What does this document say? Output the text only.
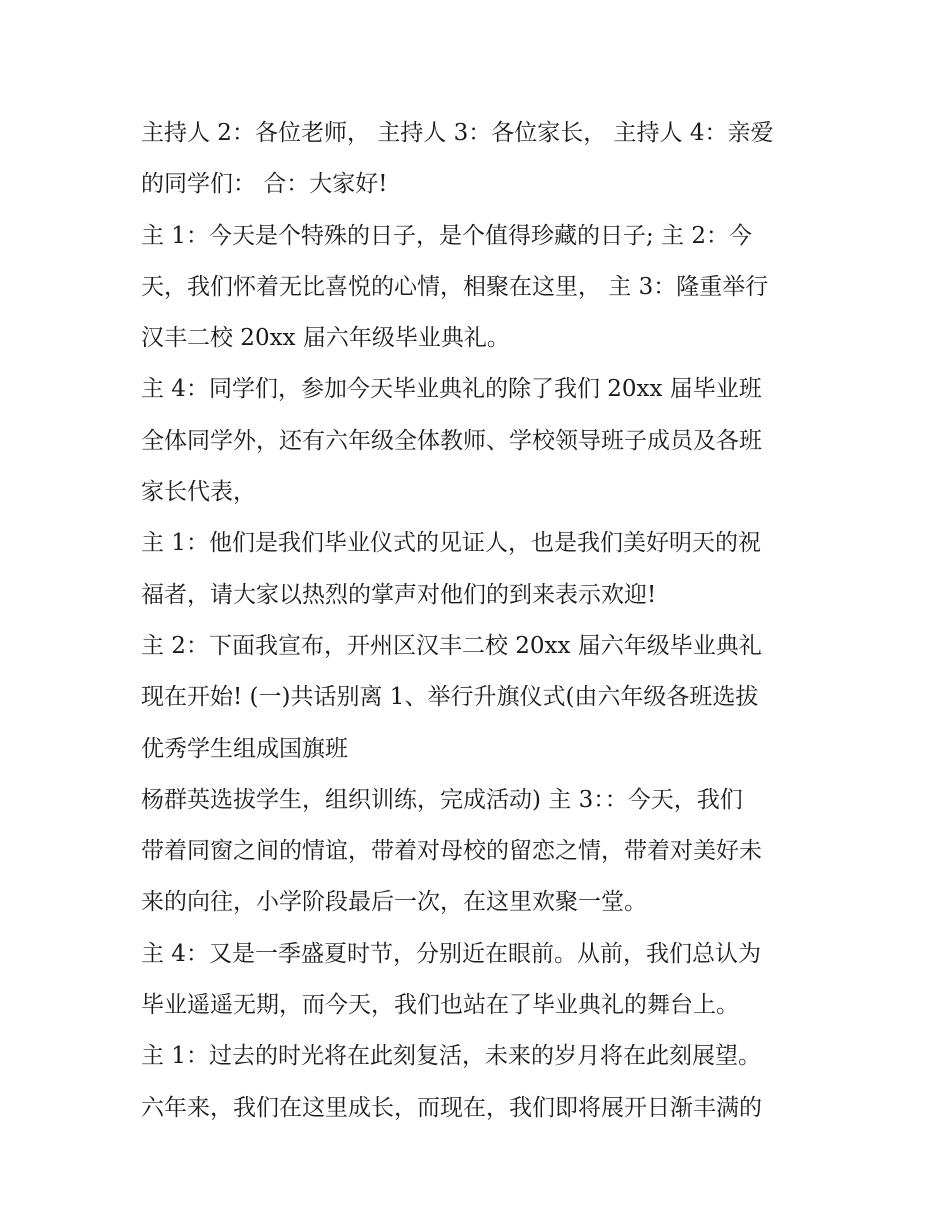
主持人 2：各位老师， 主持人 3：各位家长， 主持人 4：亲爱
的同学们： 合：大家好!
主 1：今天是个特殊的日子，是个值得珍藏的日子; 主 2：今
天，我们怀着无比喜悦的心情，相聚在这里， 主 3：隆重举行
汉丰二校 20xx 届六年级毕业典礼。
主 4：同学们，参加今天毕业典礼的除了我们 20xx 届毕业班
全体同学外，还有六年级全体教师、学校领导班子成员及各班
家长代表，
主 1：他们是我们毕业仪式的见证人，也是我们美好明天的祝
福者，请大家以热烈的掌声对他们的到来表示欢迎!
主 2：下面我宣布，开州区汉丰二校 20xx 届六年级毕业典礼
现在开始! (一)共话别离 1、举行升旗仪式(由六年级各班选拔
优秀学生组成国旗班
杨群英选拔学生，组织训练，完成活动) 主 3：：今天，我们
带着同窗之间的情谊，带着对母校的留恋之情，带着对美好未
来的向往，小学阶段最后一次，在这里欢聚一堂。
主 4：又是一季盛夏时节，分别近在眼前。从前，我们总认为
毕业遥遥无期，而今天，我们也站在了毕业典礼的舞台上。
主 1：过去的时光将在此刻复活，未来的岁月将在此刻展望。
六年来，我们在这里成长，而现在，我们即将展开日渐丰满的
